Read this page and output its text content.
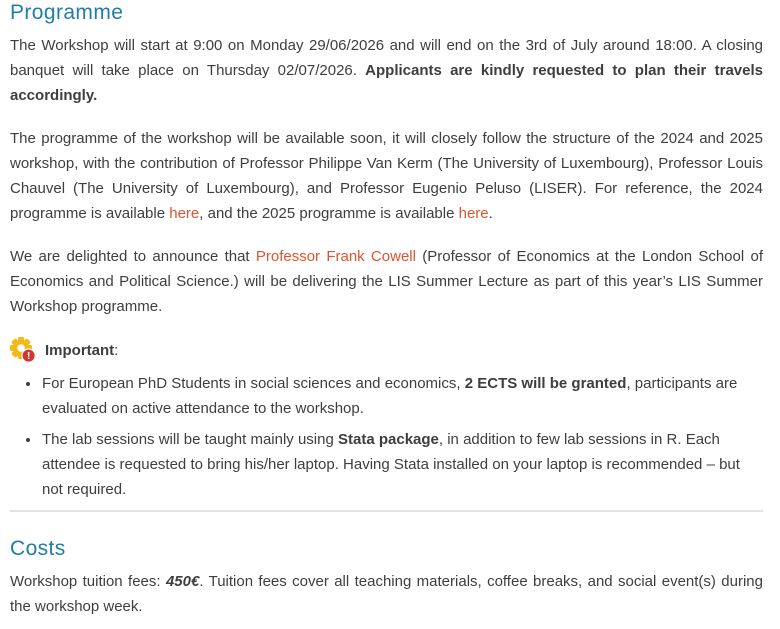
Programme

The Workshop will start at 9:00 on Monday 29/06/2026 and will end on the 3rd of July around 18:00. A closing banquet will take place on Thursday 02/07/2026. Applicants are kindly requested to plan their travels accordingly.

The programme of the workshop will be available soon, it will closely follow the structure of the 2024 and 2025 workshop, with the contribution of Professor Philippe Van Kerm (The University of Luxembourg), Professor Louis Chauvel (The University of Luxembourg), and Professor Eugenio Peluso (LISER). For reference, the 2024 programme is available here, and the 2025 programme is available here.

We are delighted to announce that Professor Frank Cowell (Professor of Economics at the London School of Economics and Political Science.) will be delivering the LIS Summer Lecture as part of this year’s LIS Summer Workshop programme.

! Important:
• For European PhD Students in social sciences and economics, 2 ECTS will be granted, participants are evaluated on active attendance to the workshop.
• The lab sessions will be taught mainly using Stata package, in addition to few lab sessions in R. Each attendee is requested to bring his/her laptop. Having Stata installed on your laptop is recommended – but not required.
Costs

Workshop tuition fees: 450€. Tuition fees cover all teaching materials, coffee breaks, and social event(s) during the workshop week.
